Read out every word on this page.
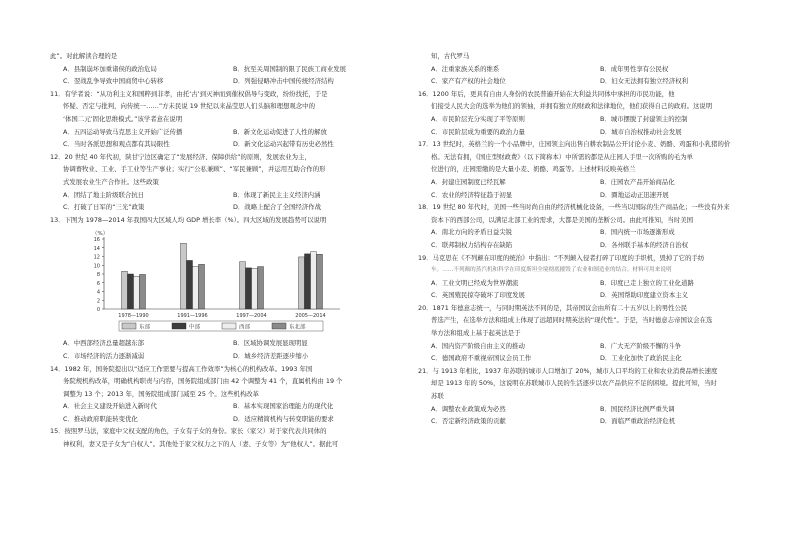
此”。对此解读合理的是
A．县制崩坏加重诸侯的政治危局	B．抗至关周国制的限了民族工商业发展
C．翌战乱争导致中国商贸中心转移	D．列强侵略冲击中国传统经济结构
11．有学者说：“从功利主义和国粹到非孝，由托‘古’到灭神而到催权倡导与变政，纷纷找托，于是
怀疑、否定与批判，向传统一……”方未民说 19 世纪以来晶莹思人们头脑和理想观念中的
‘体国二元’固化思维模式。”该学者意在说明
A．五四运动导致马克思主义开始广泛传播	B．新文化运动促进了人性的解放
C．当时各派思想和观点都有其局限性	D．新文化运动兴起带有历史必然性
12．20 世纪 40 年代初，陕甘宁边区确定了“发展经济、保障供给”的原则，发展农业为主，
协调畜牧业、工业、手工业等生产事业；实行“公私兼顾”、“军民兼顾”，并运用互助合作的形
式发展农业生产合作社。这些政策
A．团结了地主阶级联合抗日	B．体现了新民主主义经济内涵
C．打破了日军的“三光”政策	D．战略上配合了全国经济作战
13．下图为 1978—2014 年我国四大区域人均 GDP 增长率（%）。四大区域的发展趋势可以说明
（%）
0
2
4
6
8
10
12
14
16
1978—1990	1991—1996	1997—2004	2005—2014
东部	中部	西部	东北部
A．中西部经济总量超越东部	B．区域协调发展显现明显
C．市场经济的活力逐渐减弱	D．城乡经济差距逐步缩小
14．1982 年，国务院提出以“适应工作需要与提高工作效率”为核心的机构改革。1993 年国
务院规机构改革，明确机构职责与内容，国务院组成部门由 42 个调整为 41 个，直属机构由 19 个
调整为 13 个；2013 年，国务院组成部门减至 25 个。这些机构改革
A．社会主义建设开始进入新时代	B．基本实现国家治理能力的现代化
C．推动政府职能转变优化	D．适应精简机构与转变职能的要求
15．按照罗马法，家庭中父权支配的角色，子女有子女的身份。家长（家父）对于家代表共同体的
神权利，妻又是子女为“自权人”。其他处于家父权力之下的人（妻、子女等）为“他权人”。据此可
知，古代罗马
A．注重家族关系的维系	B．成年男性享有公民权
C．家产有产权的社会地位	D．妇女无法拥有独立经济权利
16．1200 年后，更具有自由人身份的农民普遍开始在大利益共同体中承担的市民功能，他
们接受人民大会的选举为他们的领袖，并拥有独立的财政和法律地位，他们获得自己的政府。这说明
A．市民阶层充分实现了平等原则	B．城市摆脱了封建领主的控制
C．市民阶层成为重要的政治力量	D．城市自治权推动社会发展
17．13 世纪时，英格兰的一个小品牌中，庄园领主向出售自耕农制品公开讨论小麦、奶酪、鸡蛋和小乳猪的价
格。无法有拥，《国庄型财政费》（以下简称本）中所需的都是从庄园人手里一次所购的毛为单
位进行的，庄园需缴的是大量小麦、奶酪、鸡蛋等。上述材料反映英格兰
A．封建庄园制度已经瓦解	B．庄园农产品开始商品化
C．农业的经济特征趋于初显	D．圈地运动正迅速开展
18．19 世纪 80 年代时，美国一些当时尚自由的经济机械化设备，一些当以国际的生产商品化；一些没有外来
资本下的西部公司，以满足北部工业的需求，大都是美国的垄断公司。由此可推知，当时美国
A．南北方向的矛盾日益尖锐	B．国内统一市场逐渐形成
C．联邦制权力结构存在缺陷	D．各州联手基本的经济自治权
19．马克思在《不列颠在印度的统治》中指出：“不列颠入侵者打碎了印度的手织机，毁掉了它的手纺
车。……不列颠的蒸汽机和科学在印度斯坦全境彻底摧毁了农业和制造业的结合。材料可用来说明
A．工业文明已经成为世界潮流	B．印度已走上独立的工业化道路
C．英国殖民掠夺破坏了印度发展	D．英国帮助印度建立资本主义
20．1871 年德意志统一，与同时期英法不同的是，其帝国议会由所有二十五岁以上的男性公民
普选产生，在选举方法和组成上体现了远超同时期英法的“现代性”。于是，当时德意志帝国议会在选
举方法和组成上基于起英法是于
A．国内资产阶级自由主义的推动	B．广大无产阶级不懈的斗争
C．德国政府不重视帝国议会员工作	D．工业化加快了政治民主化
21．与 1913 年相比，1937 年苏联的城市人口增加了 20%，城市人口平均的工业和农业消费品增长速度
却是 1913 年的 50%，这说明在苏联城市人民的生活逐步以农产品供应不足的困境。提此可知，当时
苏联
A．调整农业政策成为必然	B．国民经济比例严重失调
C．否定新经济政策的贡献	D．面临严重政治经济危机
